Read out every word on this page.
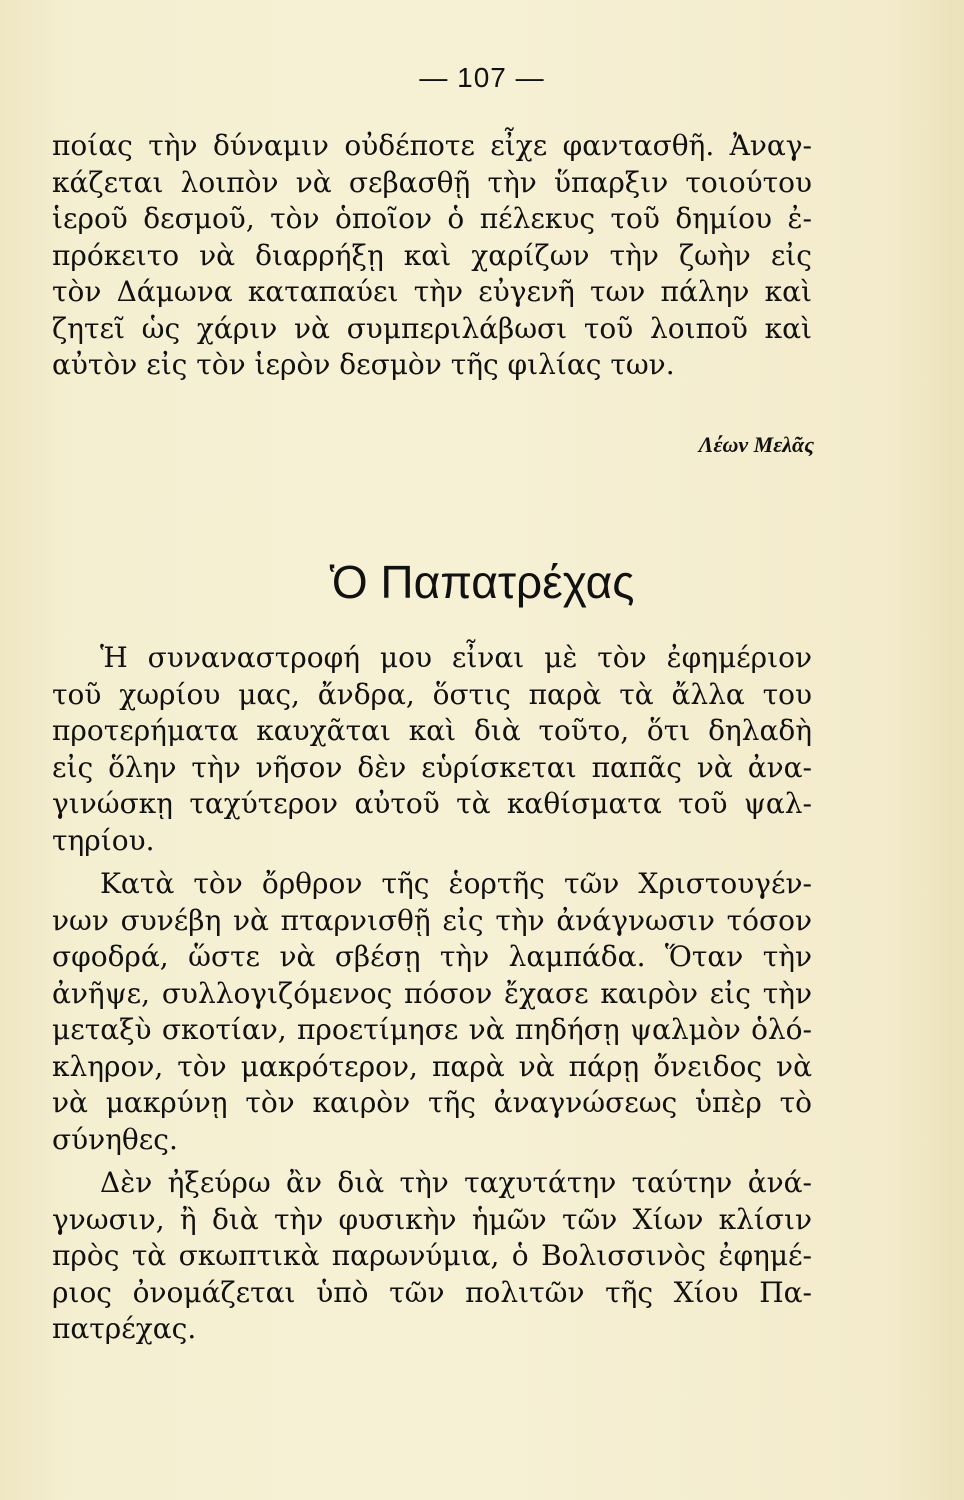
— 107 —
ποίας τὴν δύναμιν οὐδέποτε εἶχε φαντασθῆ. Ἀναγ-
κάζεται λοιπὸν νὰ σεβασθῇ τὴν ὕπαρξιν τοιούτου
ἱεροῦ δεσμοῦ, τὸν ὁποῖον ὁ πέλεκυς τοῦ δημίου ἐ-
πρόκειτο νὰ διαρρήξῃ καὶ χαρίζων τὴν ζωὴν εἰς
τὸν Δάμωνα καταπαύει τὴν εὐγενῆ των πάλην καὶ
ζητεῖ ὡς χάριν νὰ συμπεριλάβωσι τοῦ λοιποῦ καὶ
αὐτὸν εἰς τὸν ἱερὸν δεσμὸν τῆς φιλίας των.
Λέων Μελᾶς
Ὁ Παπατρέχας
Ἡ συναναστροφή μου εἶναι μὲ τὸν ἐφημέριον
τοῦ χωρίου μας, ἄνδρα, ὅστις παρὰ τὰ ἄλλα του
προτερήματα καυχᾶται καὶ διὰ τοῦτο, ὅτι δηλαδὴ
εἰς ὅλην τὴν νῆσον δὲν εὑρίσκεται παπᾶς νὰ ἀνα-
γινώσκῃ ταχύτερον αὐτοῦ τὰ καθίσματα τοῦ ψαλ-
τηρίου.
Κατὰ τὸν ὄρθρον τῆς ἑορτῆς τῶν Χριστουγέν-
νων συνέβη νὰ πταρνισθῇ εἰς τὴν ἀνάγνωσιν τόσον
σφοδρά, ὥστε νὰ σβέσῃ τὴν λαμπάδα. Ὅταν τὴν
ἀνῆψε, συλλογιζόμενος πόσον ἔχασε καιρὸν εἰς τὴν
μεταξὺ σκοτίαν, προετίμησε νὰ πηδήσῃ ψαλμὸν ὁλό-
κληρον, τὸν μακρότερον, παρὰ νὰ πάρῃ ὄνειδος νὰ
νὰ μακρύνῃ τὸν καιρὸν τῆς ἀναγνώσεως ὑπὲρ τὸ
σύνηθες.
Δὲν ἠξεύρω ἂν διὰ τὴν ταχυτάτην ταύτην ἀνά-
γνωσιν, ἢ διὰ τὴν φυσικὴν ἡμῶν τῶν Χίων κλίσιν
πρὸς τὰ σκωπτικὰ παρωνύμια, ὁ Βολισσινὸς ἐφημέ-
ριος ὀνομάζεται ὑπὸ τῶν πολιτῶν τῆς Χίου Πα-
πατρέχας.
